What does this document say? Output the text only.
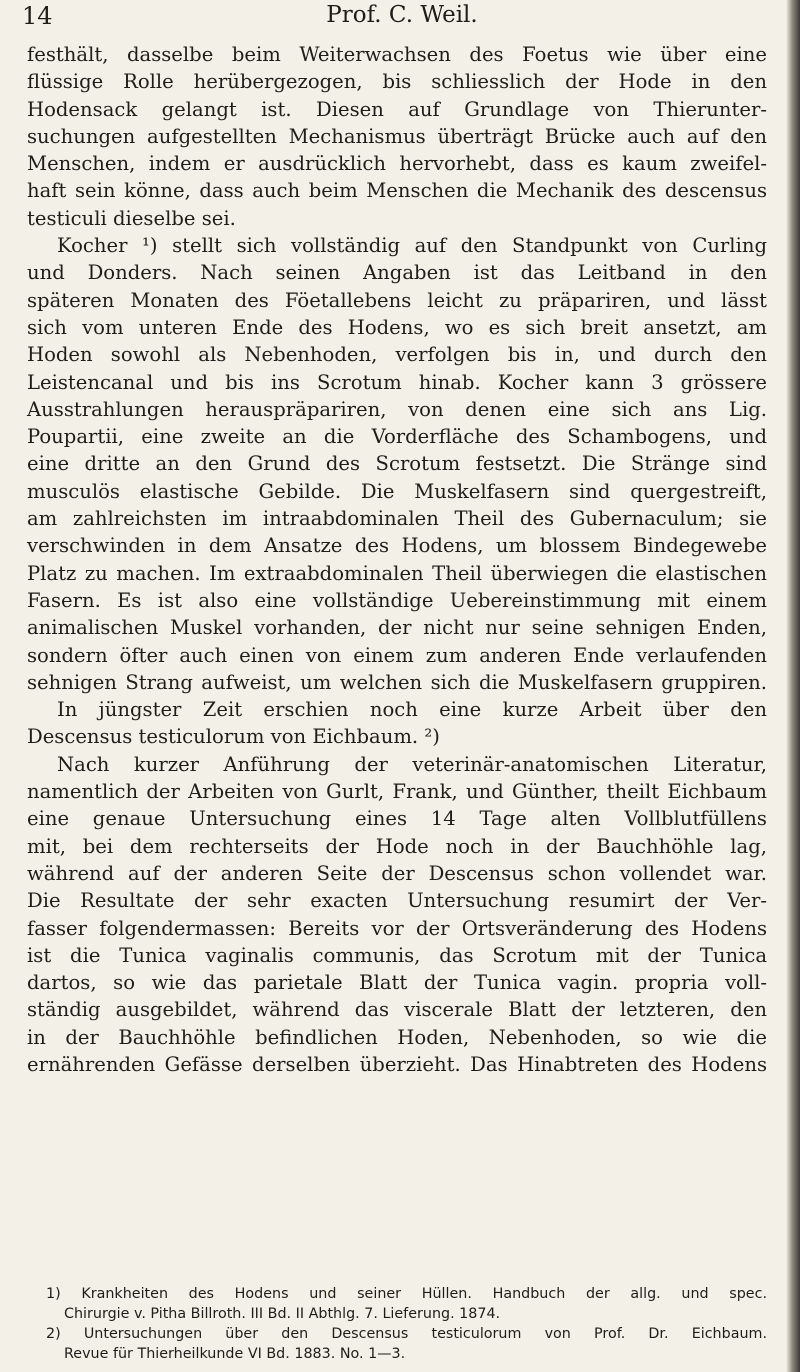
14	Prof. C. Weil.
festhält, dasselbe beim Weiterwachsen des Foetus wie über eine
flüssige Rolle herübergezogen, bis schliesslich der Hode in den
Hodensack gelangt ist. Diesen auf Grundlage von Thierunter-
suchungen aufgestellten Mechanismus überträgt Brücke auch auf den
Menschen, indem er ausdrücklich hervorhebt, dass es kaum zweifel-
haft sein könne, dass auch beim Menschen die Mechanik des descensus
testiculi dieselbe sei.
Kocher ¹) stellt sich vollständig auf den Standpunkt von Curling
und Donders. Nach seinen Angaben ist das Leitband in den
späteren Monaten des Föetallebens leicht zu präpariren, und lässt
sich vom unteren Ende des Hodens, wo es sich breit ansetzt, am
Hoden sowohl als Nebenhoden, verfolgen bis in, und durch den
Leistencanal und bis ins Scrotum hinab. Kocher kann 3 grössere
Ausstrahlungen herauspräpariren, von denen eine sich ans Lig.
Poupartii, eine zweite an die Vorderfläche des Schambogens, und
eine dritte an den Grund des Scrotum festsetzt. Die Stränge sind
musculös elastische Gebilde. Die Muskelfasern sind quergestreift,
am zahlreichsten im intraabdominalen Theil des Gubernaculum; sie
verschwinden in dem Ansatze des Hodens, um blossem Bindegewebe
Platz zu machen. Im extraabdominalen Theil überwiegen die elastischen
Fasern. Es ist also eine vollständige Uebereinstimmung mit einem
animalischen Muskel vorhanden, der nicht nur seine sehnigen Enden,
sondern öfter auch einen von einem zum anderen Ende verlaufenden
sehnigen Strang aufweist, um welchen sich die Muskelfasern gruppiren.
In jüngster Zeit erschien noch eine kurze Arbeit über den
Descensus testiculorum von Eichbaum. ²)
Nach kurzer Anführung der veterinär-anatomischen Literatur,
namentlich der Arbeiten von Gurlt, Frank, und Günther, theilt Eichbaum
eine genaue Untersuchung eines 14 Tage alten Vollblutfüllens
mit, bei dem rechterseits der Hode noch in der Bauchhöhle lag,
während auf der anderen Seite der Descensus schon vollendet war.
Die Resultate der sehr exacten Untersuchung resumirt der Ver-
fasser folgendermassen: Bereits vor der Ortsveränderung des Hodens
ist die Tunica vaginalis communis, das Scrotum mit der Tunica
dartos, so wie das parietale Blatt der Tunica vagin. propria voll-
ständig ausgebildet, während das viscerale Blatt der letzteren, den
in der Bauchhöhle befindlichen Hoden, Nebenhoden, so wie die
ernährenden Gefässe derselben überzieht. Das Hinabtreten des Hodens
1) Krankheiten des Hodens und seiner Hüllen. Handbuch der allg. und spec.
Chirurgie v. Pitha Billroth. III Bd. II Abthlg. 7. Lieferung. 1874.
2) Untersuchungen über den Descensus testiculorum von Prof. Dr. Eichbaum.
Revue für Thierheilkunde VI Bd. 1883. No. 1—3.
